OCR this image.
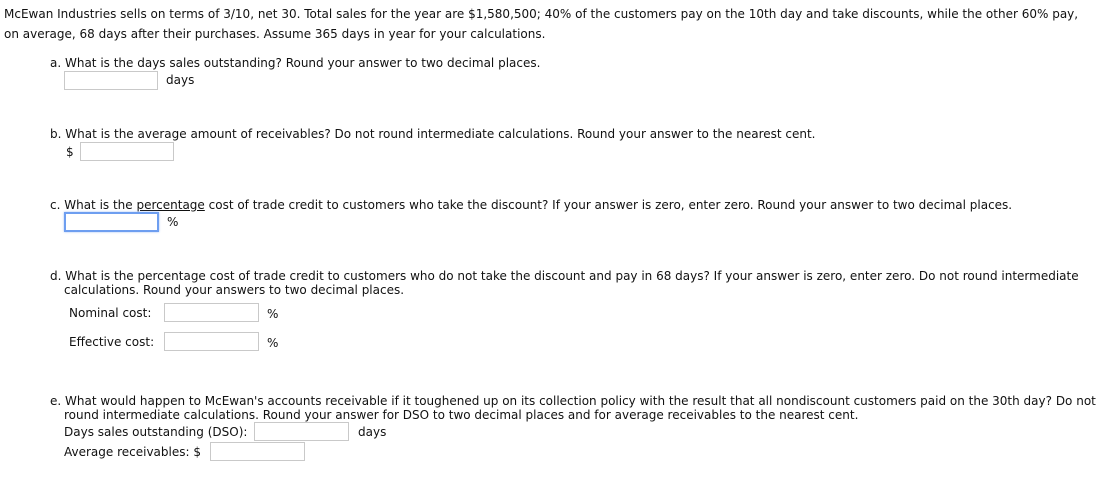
McEwan Industries sells on terms of 3/10, net 30. Total sales for the year are $1,580,500; 40% of the customers pay on the 10th day and take discounts, while the other 60% pay,
on average, 68 days after their purchases. Assume 365 days in year for your calculations.
a. What is the days sales outstanding? Round your answer to two decimal places.
days
b. What is the average amount of receivables? Do not round intermediate calculations. Round your answer to the nearest cent.
$
c. What is the percentage cost of trade credit to customers who take the discount? If your answer is zero, enter zero. Round your answer to two decimal places.
%
d. What is the percentage cost of trade credit to customers who do not take the discount and pay in 68 days? If your answer is zero, enter zero. Do not round intermediate
calculations. Round your answers to two decimal places.
Nominal cost:	%
Effective cost:	%
e. What would happen to McEwan's accounts receivable if it toughened up on its collection policy with the result that all nondiscount customers paid on the 30th day? Do not
round intermediate calculations. Round your answer for DSO to two decimal places and for average receivables to the nearest cent.
Days sales outstanding (DSO):	days
Average receivables: $
